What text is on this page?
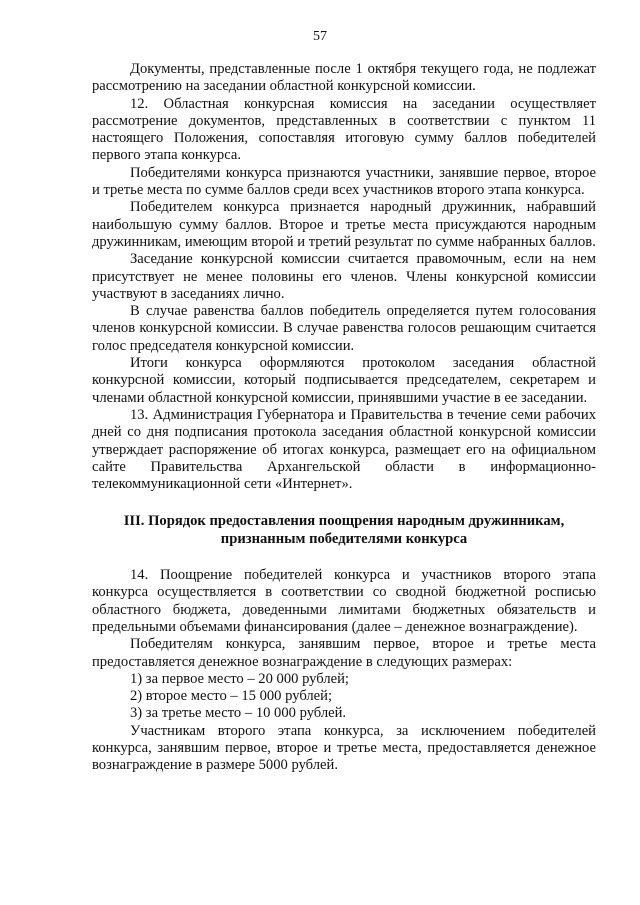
57

Документы, представленные после 1 октября текущего года, не подлежат рассмотрению на заседании областной конкурсной комиссии.

12. Областная конкурсная комиссия на заседании осуществляет рассмотрение документов, представленных в соответствии с пунктом 11 настоящего Положения, сопоставляя итоговую сумму баллов победителей первого этапа конкурса.

Победителями конкурса признаются участники, занявшие первое, второе и третье места по сумме баллов среди всех участников второго этапа конкурса.

Победителем конкурса признается народный дружинник, набравший наибольшую сумму баллов. Второе и третье места присуждаются народным дружинникам, имеющим второй и третий результат по сумме набранных баллов.

Заседание конкурсной комиссии считается правомочным, если на нем присутствует не менее половины его членов. Члены конкурсной комиссии участвуют в заседаниях лично.

В случае равенства баллов победитель определяется путем голосования членов конкурсной комиссии. В случае равенства голосов решающим считается голос председателя конкурсной комиссии.

Итоги конкурса оформляются протоколом заседания областной конкурсной комиссии, который подписывается председателем, секретарем и членами областной конкурсной комиссии, принявшими участие в ее заседании.

13. Администрация Губернатора и Правительства в течение семи рабочих дней со дня подписания протокола заседания областной конкурсной комиссии утверждает распоряжение об итогах конкурса, размещает его на официальном сайте Правительства Архангельской области в информационно-телекоммуникационной сети «Интернет».

III. Порядок предоставления поощрения народным дружинникам,
признанным победителями конкурса

14. Поощрение победителей конкурса и участников второго этапа конкурса осуществляется в соответствии со сводной бюджетной росписью областного бюджета, доведенными лимитами бюджетных обязательств и предельными объемами финансирования (далее – денежное вознаграждение).

Победителям конкурса, занявшим первое, второе и третье места предоставляется денежное вознаграждение в следующих размерах:

1) за первое место – 20 000 рублей;
2) второе место – 15 000 рублей;
3) за третье место – 10 000 рублей.

Участникам второго этапа конкурса, за исключением победителей конкурса, занявшим первое, второе и третье места, предоставляется денежное вознаграждение в размере 5000 рублей.
